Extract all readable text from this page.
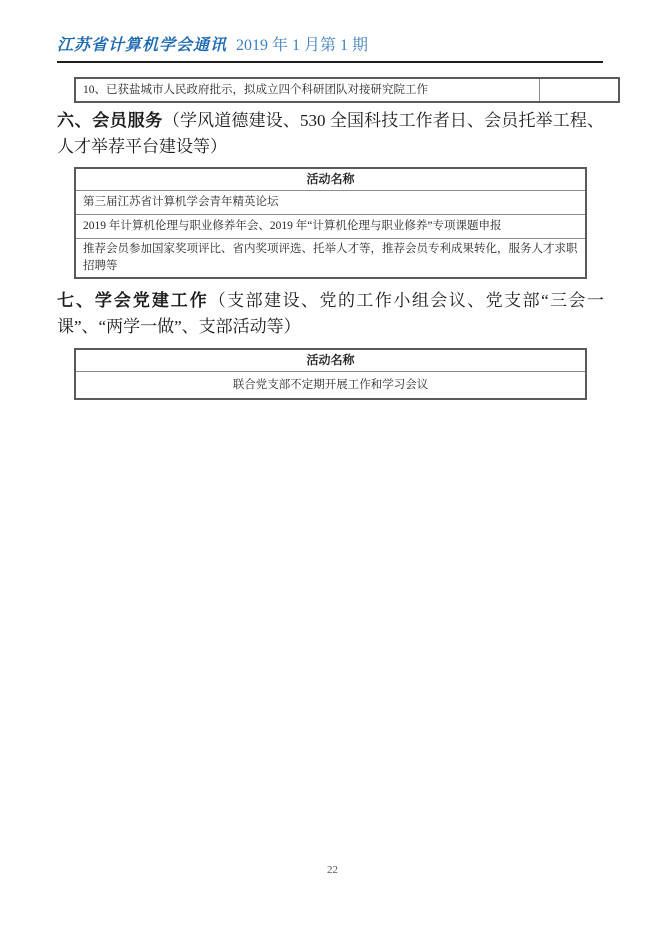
江苏省计算机学会通讯 2019 年 1 月第 1 期
10、已获盐城市人民政府批示，拟成立四个科研团队对接研究院工作	
六、会员服务（学风道德建设、530 全国科技工作者日、会员托举工程、人才举荐平台建设等）
活动名称
第三届江苏省计算机学会青年精英论坛
2019 年计算机伦理与职业修养年会、2019 年“计算机伦理与职业修养”专项课题申报
推荐会员参加国家奖项评比、省内奖项评选、托举人才等，推荐会员专利成果转化，服务人才求职招聘等
七、学会党建工作（支部建设、党的工作小组会议、党支部“三会一课”、“两学一做”、支部活动等）
活动名称
联合党支部不定期开展工作和学习会议
22
